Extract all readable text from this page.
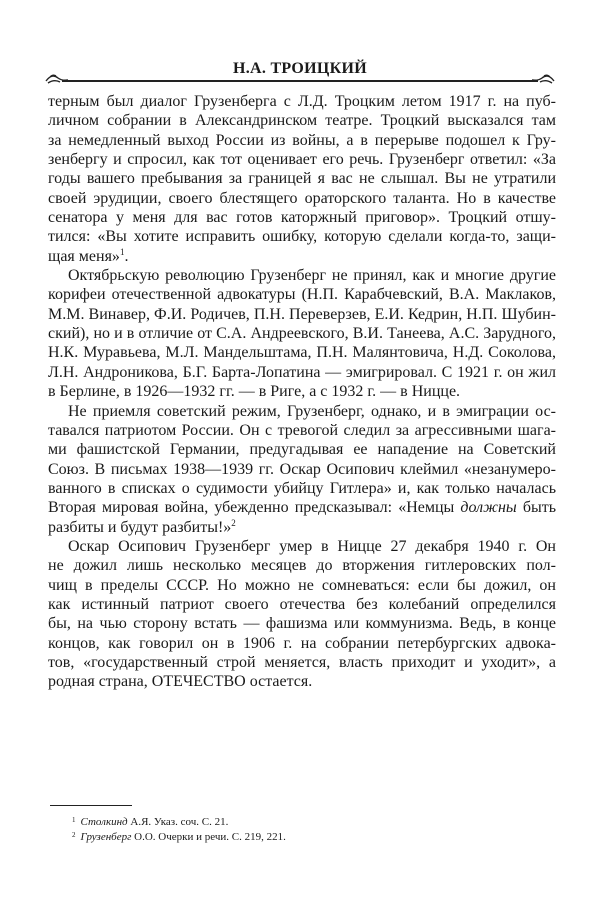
Н.А. ТРОИЦКИЙ
терным был диалог Грузенберга с Л.Д. Троцким летом 1917 г. на пуб-
личном собрании в Александринском театре. Троцкий высказался там
за немедленный выход России из войны, а в перерыве подошел к Гру-
зенбергу и спросил, как тот оценивает его речь. Грузенберг ответил: «За
годы вашего пребывания за границей я вас не слышал. Вы не утратили
своей эрудиции, своего блестящего ораторского таланта. Но в качестве
сенатора у меня для вас готов каторжный приговор». Троцкий отшу-
тился: «Вы хотите исправить ошибку, которую сделали когда-то, защи-
щая меня»$^1$.
Октябрьскую революцию Грузенберг не принял, как и многие другие
корифеи отечественной адвокатуры (Н.П. Карабчевский, В.А. Маклаков,
М.М. Винавер, Ф.И. Родичев, П.Н. Переверзев, Е.И. Кедрин, Н.П. Шубин-
ский), но и в отличие от С.А. Андреевского, В.И. Танеева, А.С. Зарудного,
Н.К. Муравьева, М.Л. Мандельштама, П.Н. Малянтовича, Н.Д. Соколова,
Л.Н. Андроникова, Б.Г. Барта-Лопатина — эмигрировал. С 1921 г. он жил
в Берлине, в 1926—1932 гг. — в Риге, а с 1932 г. — в Ницце.
Не приемля советский режим, Грузенберг, однако, и в эмиграции ос-
тавался патриотом России. Он с тревогой следил за агрессивными шага-
ми фашистской Германии, предугадывая ее нападение на Советский
Союз. В письмах 1938—1939 гг. Оскар Осипович клеймил «незанумеро-
ванного в списках о судимости убийцу Гитлера» и, как только началась
Вторая мировая война, убежденно предсказывал: «Немцы должны быть
разбиты и будут разбиты!»$^2$
Оскар Осипович Грузенберг умер в Ницце 27 декабря 1940 г. Он
не дожил лишь несколько месяцев до вторжения гитлеровских пол-
чищ в пределы СССР. Но можно не сомневаться: если бы дожил, он
как истинный патриот своего отечества без колебаний определился
бы, на чью сторону встать — фашизма или коммунизма. Ведь, в конце
концов, как говорил он в 1906 г. на собрании петербургских адвока-
тов, «государственный строй меняется, власть приходит и уходит», а
родная страна, ОТЕЧЕСТВО остается.
$^1$ Столкинд А.Я. Указ. соч. С. 21.
$^2$ Грузенберг О.О. Очерки и речи. С. 219, 221.
